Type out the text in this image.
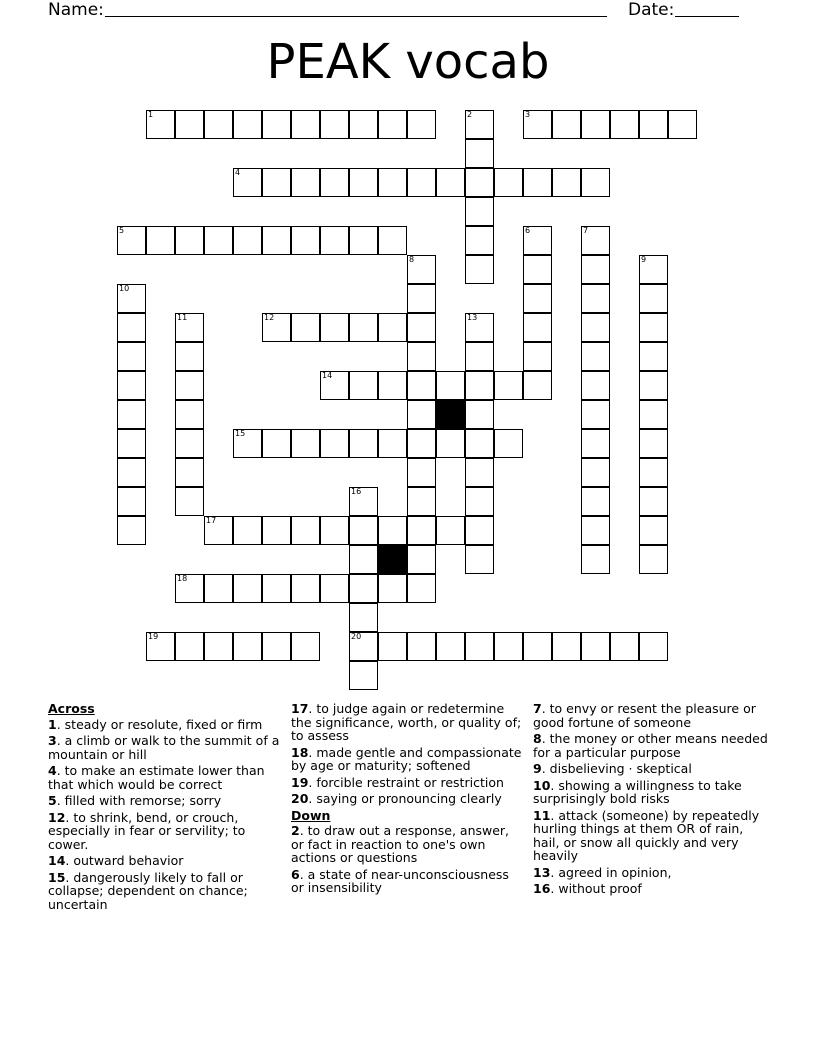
Name:	Date:
PEAK vocab
1	2	3
4
5	6	7
8	9
10
11	12	13
14
15
16
20
17
18
19
Across
1. steady or resolute, fixed or firm
3. a climb or walk to the summit of a mountain or hill
4. to make an estimate lower than that which would be correct
5. filled with remorse; sorry
12. to shrink, bend, or crouch, especially in fear or servility; to cower.
14. outward behavior
15. dangerously likely to fall or collapse; dependent on chance; uncertain
17. to judge again or redetermine the significance, worth, or quality of; to assess
18. made gentle and compassionate by age or maturity; softened
19. forcible restraint or restriction
20. saying or pronouncing clearly
Down
2. to draw out a response, answer, or fact in reaction to one's own actions or questions
6. a state of near-unconsciousness or insensibility
7. to envy or resent the pleasure or good fortune of someone
8. the money or other means needed for a particular purpose
9. disbelieving · skeptical
10. showing a willingness to take surprisingly bold risks
11. attack (someone) by repeatedly hurling things at them OR of rain, hail, or snow all quickly and very heavily
13. agreed in opinion,
16. without proof
